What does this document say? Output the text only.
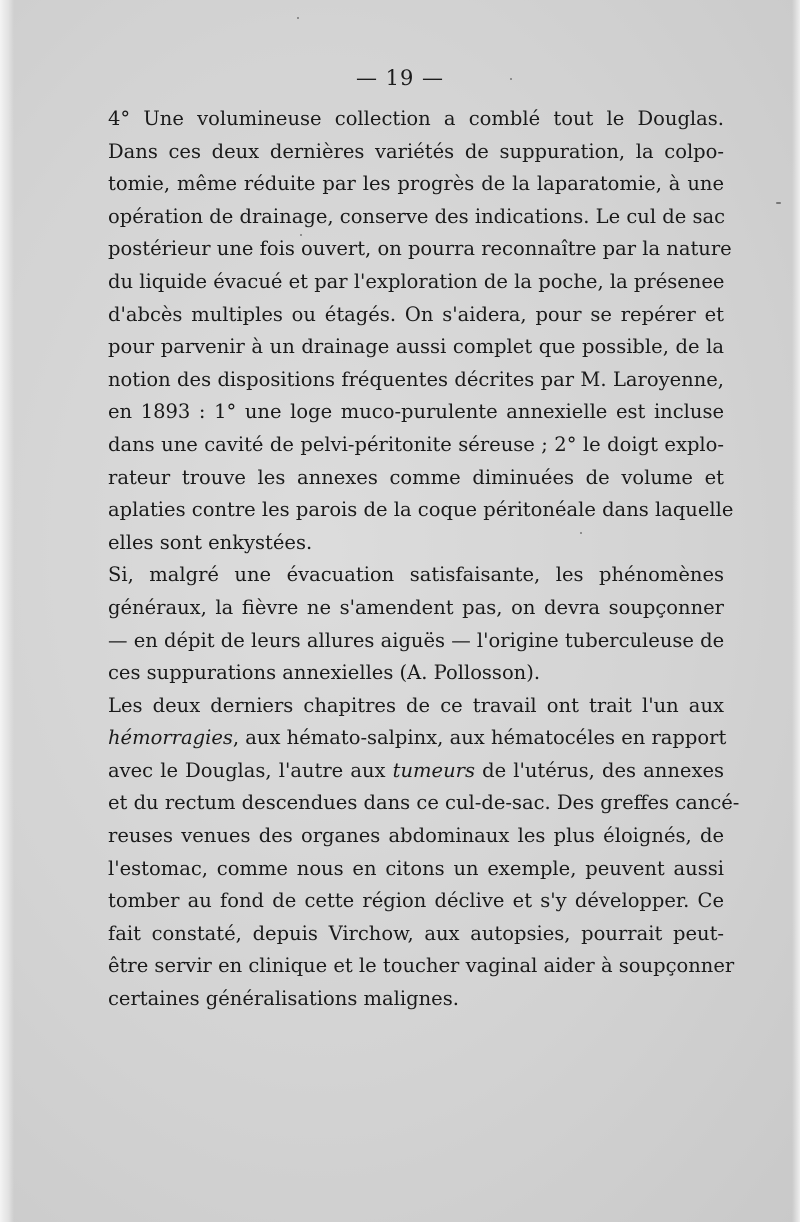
— 19 —
4° Une volumineuse collection a comblé tout le Douglas.
Dans ces deux dernières variétés de suppuration, la colpo-
tomie, même réduite par les progrès de la laparatomie, à une
opération de drainage, conserve des indications. Le cul de sac
postérieur une fois ouvert, on pourra reconnaître par la nature
du liquide évacué et par l'exploration de la poche, la présenee
d'abcès multiples ou étagés. On s'aidera, pour se repérer et
pour parvenir à un drainage aussi complet que possible, de la
notion des dispositions fréquentes décrites par M. Laroyenne,
en 1893 : 1° une loge muco-purulente annexielle est incluse
dans une cavité de pelvi-péritonite séreuse ; 2° le doigt explo-
rateur trouve les annexes comme diminuées de volume et
aplaties contre les parois de la coque péritonéale dans laquelle
elles sont enkystées.
Si, malgré une évacuation satisfaisante, les phénomènes
généraux, la fièvre ne s'amendent pas, on devra soupçonner
— en dépit de leurs allures aiguës — l'origine tuberculeuse de
ces suppurations annexielles (A. Pollosson).
Les deux derniers chapitres de ce travail ont trait l'un aux
hémorragies, aux hémato-salpinx, aux hématocéles en rapport
avec le Douglas, l'autre aux tumeurs de l'utérus, des annexes
et du rectum descendues dans ce cul-de-sac. Des greffes cancé-
reuses venues des organes abdominaux les plus éloignés, de
l'estomac, comme nous en citons un exemple, peuvent aussi
tomber au fond de cette région déclive et s'y développer. Ce
fait constaté, depuis Virchow, aux autopsies, pourrait peut-
être servir en clinique et le toucher vaginal aider à soupçonner
certaines généralisations malignes.
